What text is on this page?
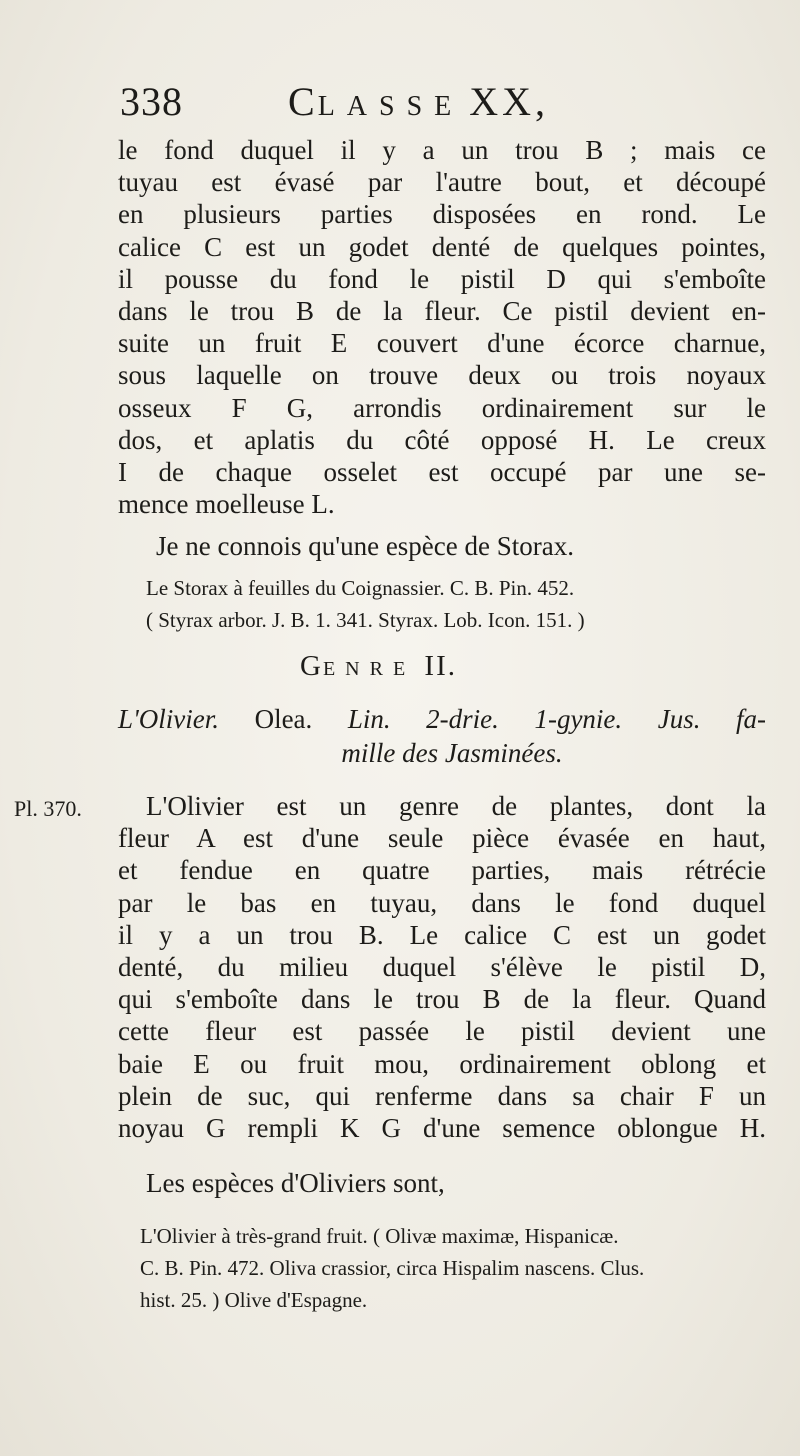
338	CLASSE XX,
le fond duquel il y a un trou B ; mais ce
tuyau est évasé par l'autre bout, et découpé
en plusieurs parties disposées en rond. Le
calice C est un godet denté de quelques pointes,
il pousse du fond le pistil D qui s'emboîte
dans le trou B de la fleur. Ce pistil devient en-
suite un fruit E couvert d'une écorce charnue,
sous laquelle on trouve deux ou trois noyaux
osseux F G, arrondis ordinairement sur le
dos, et aplatis du côté opposé H. Le creux
I de chaque osselet est occupé par une se-
mence moelleuse L.
Je ne connois qu'une espèce de Storax.
Le Storax à feuilles du Coignassier. C. B. Pin. 452.
( Styrax arbor. J. B. 1. 341. Styrax. Lob. Icon. 151. )
GENRE II.
L'Olivier. Olea. Lin. 2-drie. 1-gynie. Jus. fa-
mille des Jasminées.
Pl. 370.	L'Olivier est un genre de plantes, dont la
fleur A est d'une seule pièce évasée en haut,
et fendue en quatre parties, mais rétrécie
par le bas en tuyau, dans le fond duquel
il y a un trou B. Le calice C est un godet
denté, du milieu duquel s'élève le pistil D,
qui s'emboîte dans le trou B de la fleur. Quand
cette fleur est passée le pistil devient une
baie E ou fruit mou, ordinairement oblong et
plein de suc, qui renferme dans sa chair F un
noyau G rempli K G d'une semence oblongue H.
Les espèces d'Oliviers sont,
L'Olivier à très-grand fruit. ( Olivæ maximæ, Hispanicæ.
C. B. Pin. 472. Oliva crassior, circa Hispalim nascens. Clus.
hist. 25. ) Olive d'Espagne.
